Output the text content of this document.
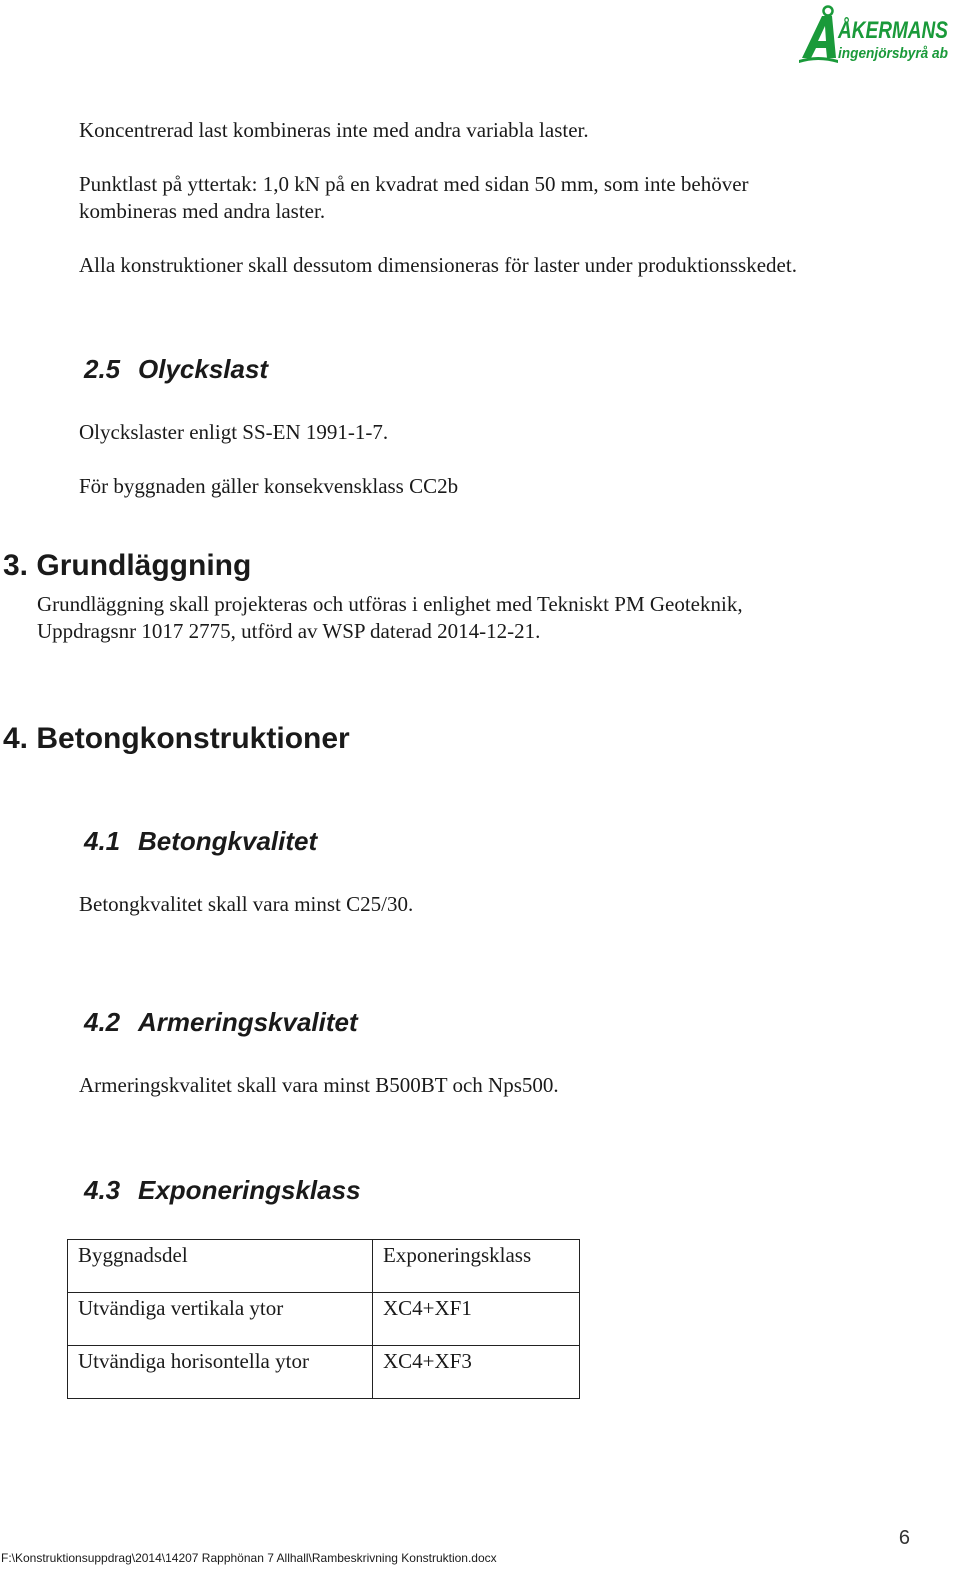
ÅKERMANS
ingenjörsbyrå ab

Koncentrerad last kombineras inte med andra variabla laster.

Punktlast på yttertak: 1,0 kN på en kvadrat med sidan 50 mm, som inte behöver

kombineras med andra laster.

Alla konstruktioner skall dessutom dimensioneras för laster under produktionsskedet.

2.5 Olyckslast

Olyckslaster enligt SS-EN 1991-1-7.

För byggnaden gäller konsekvensklass CC2b

3. Grundläggning

Grundläggning skall projekteras och utföras i enlighet med Tekniskt PM Geoteknik,

Uppdragsnr 1017 2775, utförd av WSP daterad 2014-12-21.

4. Betongkonstruktioner
4.1 Betongkvalitet

Betongkvalitet skall vara minst C25/30.

4.2 Armeringskvalitet

Armeringskvalitet skall vara minst B500BT och Nps500.

4.3 Exponeringsklass
Byggnadsdel	Exponeringsklass
Utvändiga vertikala ytor	XC4+XF1
Utvändiga horisontella ytor	XC4+XF3
6
F:\Konstruktionsuppdrag\2014\14207 Rapphönan 7 Allhall\Rambeskrivning Konstruktion.docx
